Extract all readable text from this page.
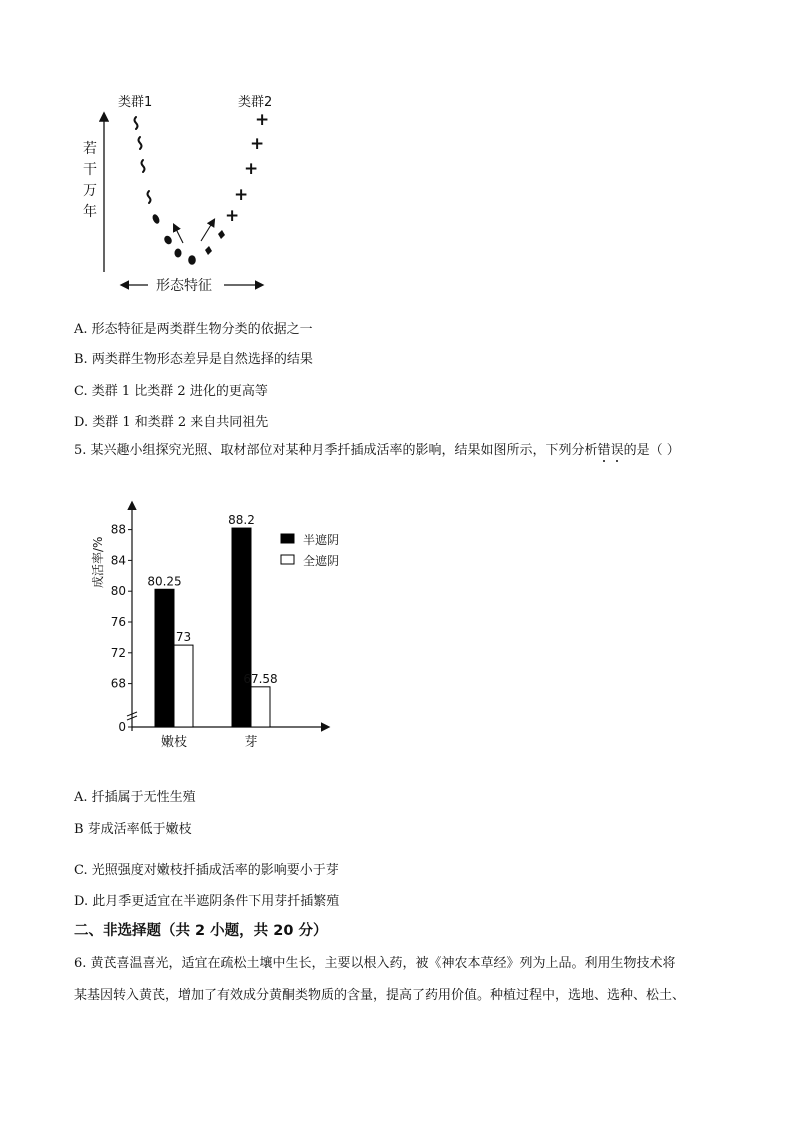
类群1	类群2
若
干
万
年
+
+
+
+
+
形态特征
A. 形态特征是两类群生物分类的依据之一
B. 两类群生物形态差异是自然选择的结果
C. 类群 1 比类群 2 进化的更高等
D. 类群 1 和类群 2 来自共同祖先
5. 某兴趣小组探究光照、取材部位对某种月季扦插成活率的影响，结果如图所示，下列分析错误的是（ ）
成活率/%
88
84
80
76
72
68
0
80.25
73
88.2
67.58
嫩枝	芽
半遮阴
全遮阴
A. 扦插属于无性生殖
B 芽成活率低于嫩枝
C. 光照强度对嫩枝扦插成活率的影响要小于芽
D. 此月季更适宜在半遮阴条件下用芽扦插繁殖
二、非选择题（共 2 小题，共 20 分）
6. 黄芪喜温喜光，适宜在疏松土壤中生长，主要以根入药，被《神农本草经》列为上品。利用生物技术将
某基因转入黄芪，增加了有效成分黄酮类物质的含量，提高了药用价值。种植过程中，选地、选种、松土、
